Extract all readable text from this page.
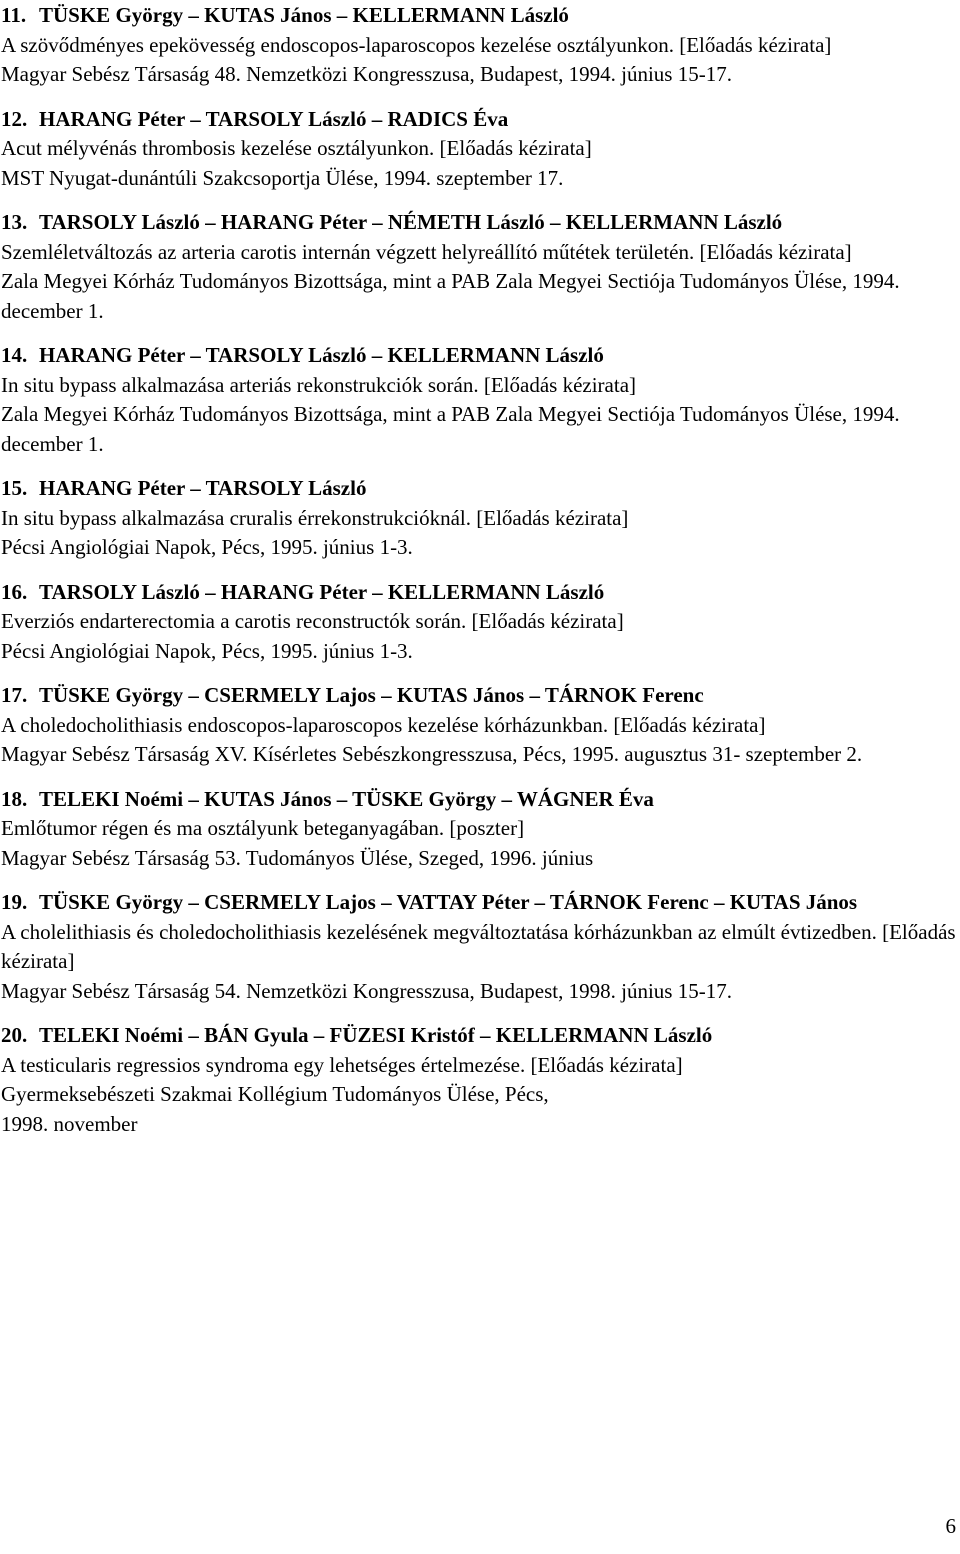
11. TÜSKE György – KUTAS János – KELLERMANN László
A szövődményes epekövesség endoscopos-laparoscopos kezelése osztályunkon. [Előadás kézirata]
Magyar Sebész Társaság 48. Nemzetközi Kongresszusa, Budapest, 1994. június 15-17.
12. HARANG Péter – TARSOLY László – RADICS Éva
Acut mélyvénás thrombosis kezelése osztályunkon. [Előadás kézirata]
MST Nyugat-dunántúli Szakcsoportja Ülése, 1994. szeptember 17.
13. TARSOLY László – HARANG Péter – NÉMETH László – KELLERMANN László
Szemléletváltozás az arteria carotis internán végzett helyreállító műtétek területén. [Előadás kézirata]
Zala Megyei Kórház Tudományos Bizottsága, mint a PAB Zala Megyei Sectiója Tudományos Ülése, 1994. december 1.
14. HARANG Péter – TARSOLY László – KELLERMANN László
In situ bypass alkalmazása arteriás rekonstrukciók során. [Előadás kézirata]
Zala Megyei Kórház Tudományos Bizottsága, mint a PAB Zala Megyei Sectiója Tudományos Ülése, 1994. december 1.
15. HARANG Péter – TARSOLY László
In situ bypass alkalmazása cruralis érrekonstrukcióknál. [Előadás kézirata]
Pécsi Angiológiai Napok, Pécs, 1995. június 1-3.
16. TARSOLY László – HARANG Péter – KELLERMANN László
Everziós endarterectomia a carotis reconstructók során. [Előadás kézirata]
Pécsi Angiológiai Napok, Pécs, 1995. június 1-3.
17. TÜSKE György – CSERMELY Lajos – KUTAS János – TÁRNOK Ferenc
A choledocholithiasis endoscopos-laparoscopos kezelése kórházunkban. [Előadás kézirata]
Magyar Sebész Társaság XV. Kísérletes Sebészkongresszusa, Pécs, 1995. augusztus 31- szeptember 2.
18. TELEKI Noémi – KUTAS János – TÜSKE György – WÁGNER Éva
Emlőtumor régen és ma osztályunk beteganyagában. [poszter]
Magyar Sebész Társaság 53. Tudományos Ülése, Szeged, 1996. június
19. TÜSKE György – CSERMELY Lajos – VATTAY Péter – TÁRNOK Ferenc – KUTAS János
A cholelithiasis és choledocholithiasis kezelésének megváltoztatása kórházunkban az elmúlt évtizedben. [Előadás kézirata]
Magyar Sebész Társaság 54. Nemzetközi Kongresszusa, Budapest, 1998. június 15-17.
20. TELEKI Noémi – BÁN Gyula – FÜZESI Kristóf – KELLERMANN László
A testicularis regressios syndroma egy lehetséges értelmezése. [Előadás kézirata]
Gyermeksebészeti Szakmai Kollégium Tudományos Ülése, Pécs,
1998. november
6
